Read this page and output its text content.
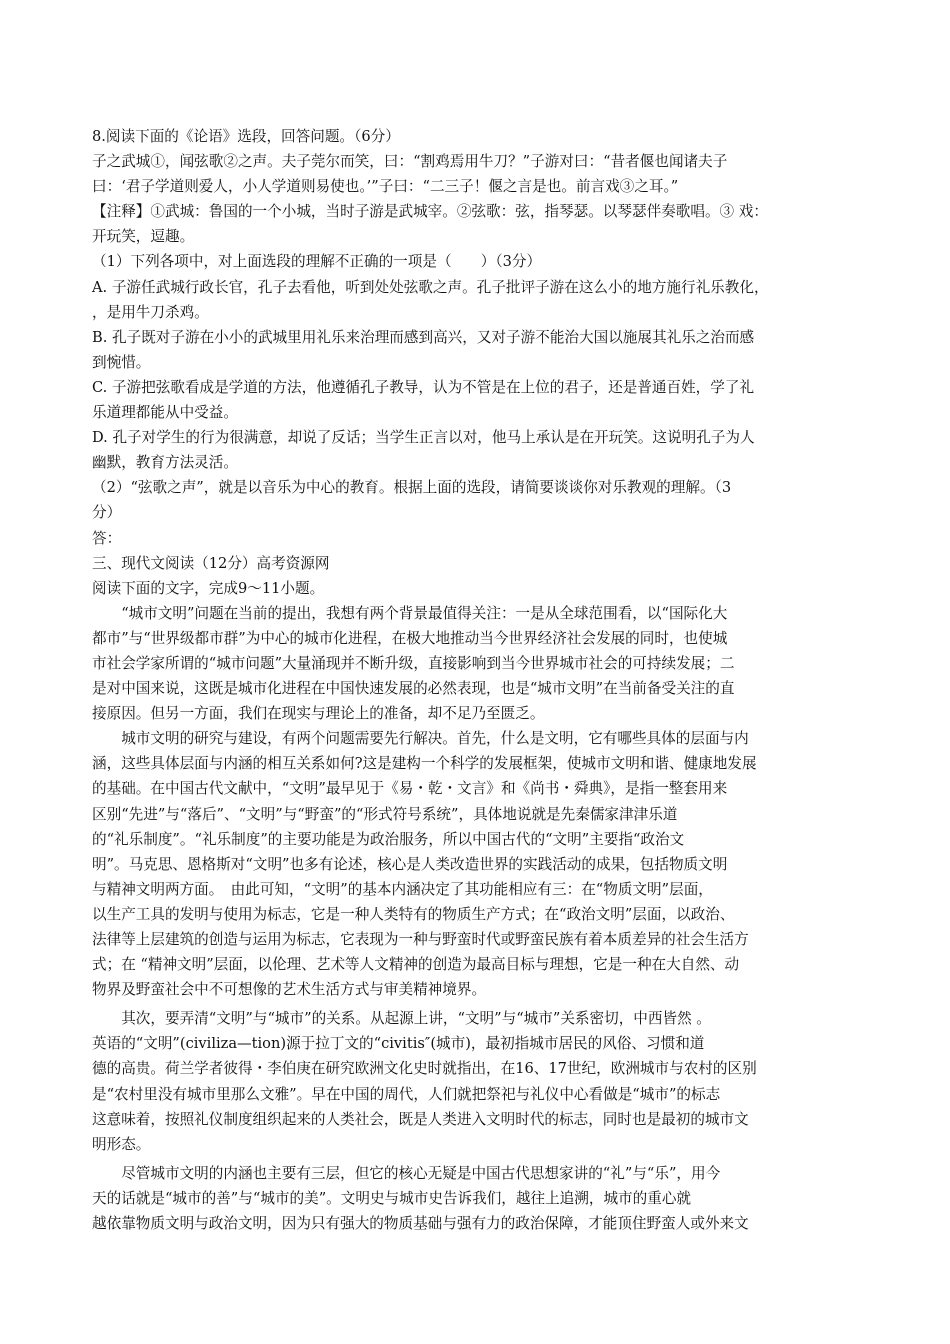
8.阅读下面的《论语》选段，回答问题。（6分）
子之武城①，闻弦歌②之声。夫子莞尔而笑，曰：“割鸡焉用牛刀？”子游对曰：“昔者偃也闻诸夫子
曰：‘君子学道则爱人，小人学道则易使也。’”子曰：“二三子！偃之言是也。前言戏③之耳。”
【注释】①武城：鲁国的一个小城，当时子游是武城宰。②弦歌：弦，指琴瑟。以琴瑟伴奏歌唱。③ 戏：
开玩笑，逗趣。
（1）下列各项中，对上面选段的理解不正确的一项是（　　）（3分）
A. 子游任武城行政长官，孔子去看他，听到处处弦歌之声。孔子批评子游在这么小的地方施行礼乐教化，
，是用牛刀杀鸡。
B. 孔子既对子游在小小的武城里用礼乐来治理而感到高兴，又对子游不能治大国以施展其礼乐之治而感
到惋惜。
C. 子游把弦歌看成是学道的方法，他遵循孔子教导，认为不管是在上位的君子，还是普通百姓，学了礼
乐道理都能从中受益。
D. 孔子对学生的行为很满意，却说了反话；当学生正言以对，他马上承认是在开玩笑。这说明孔子为人
幽默，教育方法灵活。
（2）“弦歌之声”，就是以音乐为中心的教育。根据上面的选段，请简要谈谈你对乐教观的理解。（3
分）
答：
三、现代文阅读（12分）高考资源网
阅读下面的文字，完成9～11小题。
　　“城市文明”问题在当前的提出，我想有两个背景最值得关注：一是从全球范围看，以“国际化大
都市”与“世界级都市群”为中心的城市化进程，在极大地推动当今世界经济社会发展的同时，也使城
市社会学家所谓的“城市问题”大量涌现并不断升级，直接影响到当今世界城市社会的可持续发展；二
是对中国来说，这既是城市化进程在中国快速发展的必然表现，也是“城市文明”在当前备受关注的直
接原因。但另一方面，我们在现实与理论上的准备，却不足乃至匮乏。
　　城市文明的研究与建设，有两个问题需要先行解决。首先，什么是文明，它有哪些具体的层面与内
涵，这些具体层面与内涵的相互关系如何?这是建构一个科学的发展框架，使城市文明和谐、健康地发展
的基础。在中国古代文献中，“文明”最早见于《易・乾・文言》和《尚书・舜典》，是指一整套用来
区别“先进”与“落后”、“文明”与“野蛮”的“形式符号系统”，具体地说就是先秦儒家津津乐道
的“礼乐制度”。“礼乐制度”的主要功能是为政治服务，所以中国古代的“文明”主要指“政治文
明”。马克思、恩格斯对“文明”也多有论述，核心是人类改造世界的实践活动的成果，包括物质文明
与精神文明两方面。　由此可知，“文明”的基本内涵决定了其功能相应有三：在“物质文明”层面，
以生产工具的发明与使用为标志，它是一种人类特有的物质生产方式；在“政治文明”层面，以政治、
法律等上层建筑的创造与运用为标志，它表现为一种与野蛮时代或野蛮民族有着本质差异的社会生活方
式；在 “精神文明”层面，以伦理、艺术等人文精神的创造为最高目标与理想，它是一种在大自然、动
物界及野蛮社会中不可想像的艺术生活方式与审美精神境界。
　　其次，要弄清“文明”与“城市”的关系。从起源上讲，“文明”与“城市”关系密切，中西皆然 。
英语的“文明”(civiliza—tion)源于拉丁文的“civitis″(城市)，最初指城市居民的风俗、习惯和道
德的高贵。荷兰学者彼得・李伯庚在研究欧洲文化史时就指出，在16、17世纪，欧洲城市与农村的区别
是“农村里没有城市里那么文雅”。早在中国的周代，人们就把祭祀与礼仪中心看做是“城市”的标志
这意味着，按照礼仪制度组织起来的人类社会，既是人类进入文明时代的标志，同时也是最初的城市文
明形态。
　　尽管城市文明的内涵也主要有三层，但它的核心无疑是中国古代思想家讲的“礼”与“乐”，用今
天的话就是“城市的善”与“城市的美”。文明史与城市史告诉我们，越往上追溯，城市的重心就
越依靠物质文明与政治文明，因为只有强大的物质基础与强有力的政治保障，才能顶住野蛮人或外来文
